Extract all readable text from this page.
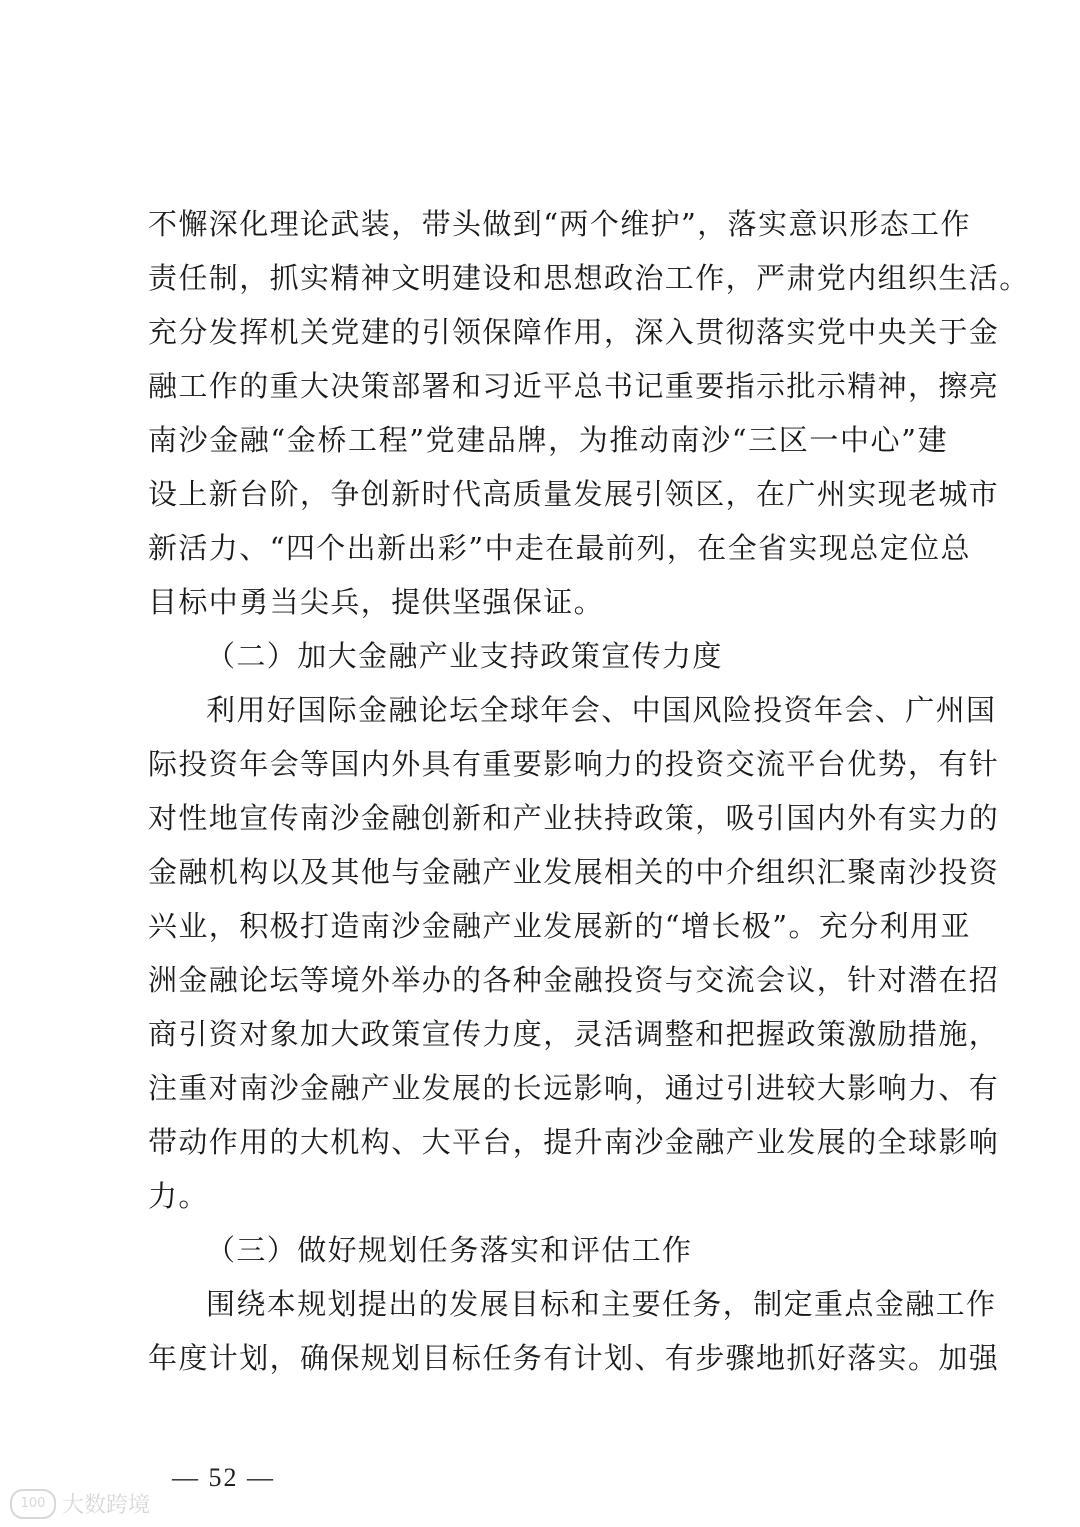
不懈深化理论武装，带头做到“两个维护”，落实意识形态工作
责任制，抓实精神文明建设和思想政治工作，严肃党内组织生活。
充分发挥机关党建的引领保障作用，深入贯彻落实党中央关于金
融工作的重大决策部署和习近平总书记重要指示批示精神，擦亮
南沙金融“金桥工程”党建品牌，为推动南沙“三区一中心”建
设上新台阶，争创新时代高质量发展引领区，在广州实现老城市
新活力、“四个出新出彩”中走在最前列，在全省实现总定位总
目标中勇当尖兵，提供坚强保证。
（二）加大金融产业支持政策宣传力度
利用好国际金融论坛全球年会、中国风险投资年会、广州国
际投资年会等国内外具有重要影响力的投资交流平台优势，有针
对性地宣传南沙金融创新和产业扶持政策，吸引国内外有实力的
金融机构以及其他与金融产业发展相关的中介组织汇聚南沙投资
兴业，积极打造南沙金融产业发展新的“增长极”。充分利用亚
洲金融论坛等境外举办的各种金融投资与交流会议，针对潜在招
商引资对象加大政策宣传力度，灵活调整和把握政策激励措施，
注重对南沙金融产业发展的长远影响，通过引进较大影响力、有
带动作用的大机构、大平台，提升南沙金融产业发展的全球影响
力。
（三）做好规划任务落实和评估工作
围绕本规划提出的发展目标和主要任务，制定重点金融工作
年度计划，确保规划目标任务有计划、有步骤地抓好落实。加强
— 52 —
100 大数跨境
